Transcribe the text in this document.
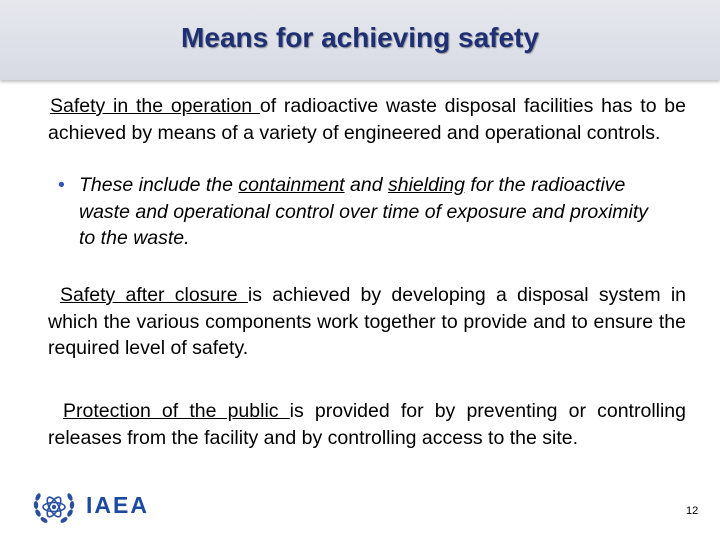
Means for achieving safety

Safety in the operation of radioactive waste disposal facilities has to be achieved by means of a variety of engineered and operational controls.

• These include the containment and shielding for the radioactive waste and operational control over time of exposure and proximity to the waste.

Safety after closure is achieved by developing a disposal system in which the various components work together to provide and to ensure the required level of safety.

Protection of the public is provided for by preventing or controlling releases from the facility and by controlling access to the site.

IAEA	12
